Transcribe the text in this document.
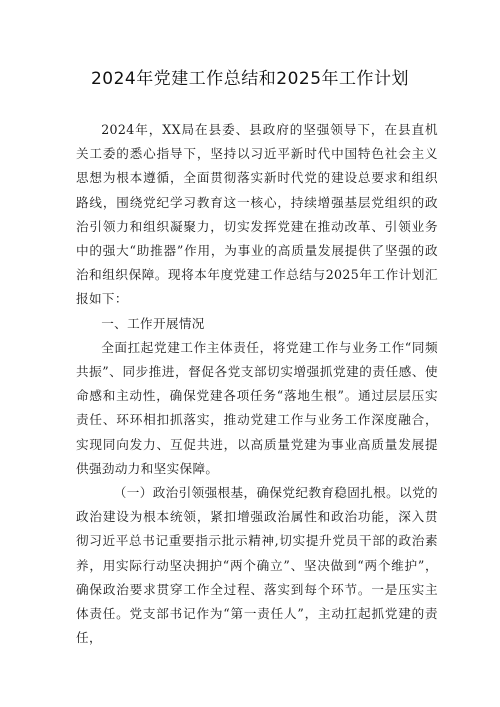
2024年党建工作总结和2025年工作计划

2024年，XX局在县委、县政府的坚强领导下，在县直机关工委的悉心指导下，坚持以习近平新时代中国特色社会主义思想为根本遵循，全面贯彻落实新时代党的建设总要求和组织路线，围绕党纪学习教育这一核心，持续增强基层党组织的政治引领力和组织凝聚力，切实发挥党建在推动改革、引领业务中的强大“助推器”作用，为事业的高质量发展提供了坚强的政治和组织保障。现将本年度党建工作总结与2025年工作计划汇报如下：

一、工作开展情况

全面扛起党建工作主体责任，将党建工作与业务工作“同频共振”、同步推进，督促各党支部切实增强抓党建的责任感、使命感和主动性，确保党建各项任务“落地生根”。通过层层压实责任、环环相扣抓落实，推动党建工作与业务工作深度融合，实现同向发力、互促共进，以高质量党建为事业高质量发展提供强劲动力和坚实保障。

（一）政治引领强根基，确保党纪教育稳固扎根。以党的政治建设为根本统领，紧扣增强政治属性和政治功能，深入贯彻习近平总书记重要指示批示精神,切实提升党员干部的政治素养，用实际行动坚决拥护“两个确立”、坚决做到“两个维护”，确保政治要求贯穿工作全过程、落实到每个环节。一是压实主体责任。党支部书记作为“第一责任人”，主动扛起抓党建的责任，
